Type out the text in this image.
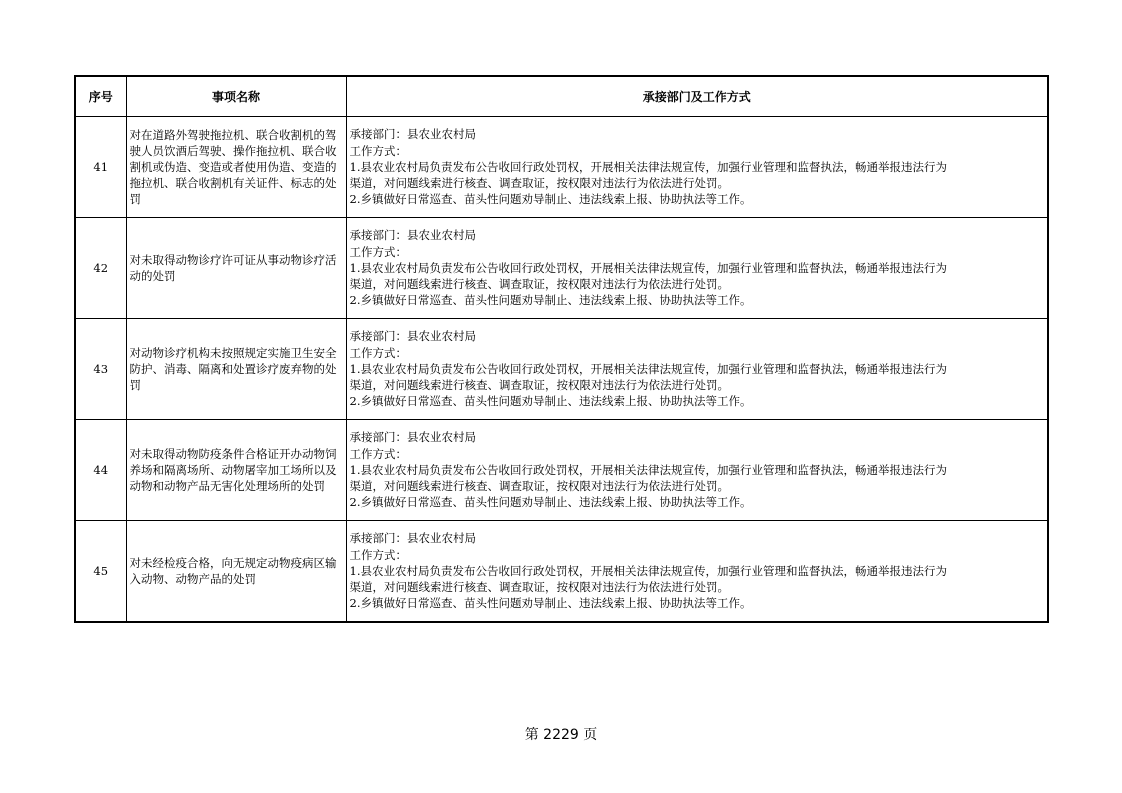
序号	事项名称	承接部门及工作方式
41	对在道路外驾驶拖拉机、联合收割机的驾驶人员饮酒后驾驶、操作拖拉机、联合收割机或伪造、变造或者使用伪造、变造的拖拉机、联合收割机有关证件、标志的处罚	承接部门：县农业农村局
工作方式：
1.县农业农村局负责发布公告收回行政处罚权，开展相关法律法规宣传，加强行业管理和监督执法，畅通举报违法行为
渠道，对问题线索进行核查、调查取证，按权限对违法行为依法进行处罚。
2.乡镇做好日常巡查、苗头性问题劝导制止、违法线索上报、协助执法等工作。

42	对未取得动物诊疗许可证从事动物诊疗活动的处罚	承接部门：县农业农村局
工作方式：
1.县农业农村局负责发布公告收回行政处罚权，开展相关法律法规宣传，加强行业管理和监督执法，畅通举报违法行为
渠道，对问题线索进行核查、调查取证，按权限对违法行为依法进行处罚。
2.乡镇做好日常巡查、苗头性问题劝导制止、违法线索上报、协助执法等工作。

43	对动物诊疗机构未按照规定实施卫生安全防护、消毒、隔离和处置诊疗废弃物的处罚	承接部门：县农业农村局
工作方式：
1.县农业农村局负责发布公告收回行政处罚权，开展相关法律法规宣传，加强行业管理和监督执法，畅通举报违法行为
渠道，对问题线索进行核查、调查取证，按权限对违法行为依法进行处罚。
2.乡镇做好日常巡查、苗头性问题劝导制止、违法线索上报、协助执法等工作。

44	对未取得动物防疫条件合格证开办动物饲养场和隔离场所、动物屠宰加工场所以及动物和动物产品无害化处理场所的处罚	承接部门：县农业农村局
工作方式：
1.县农业农村局负责发布公告收回行政处罚权，开展相关法律法规宣传，加强行业管理和监督执法，畅通举报违法行为
渠道，对问题线索进行核查、调查取证，按权限对违法行为依法进行处罚。
2.乡镇做好日常巡查、苗头性问题劝导制止、违法线索上报、协助执法等工作。

45	对未经检疫合格，向无规定动物疫病区输入动物、动物产品的处罚	承接部门：县农业农村局
工作方式：
1.县农业农村局负责发布公告收回行政处罚权，开展相关法律法规宣传，加强行业管理和监督执法，畅通举报违法行为
渠道，对问题线索进行核查、调查取证，按权限对违法行为依法进行处罚。
2.乡镇做好日常巡查、苗头性问题劝导制止、违法线索上报、协助执法等工作。
第 2229 页
